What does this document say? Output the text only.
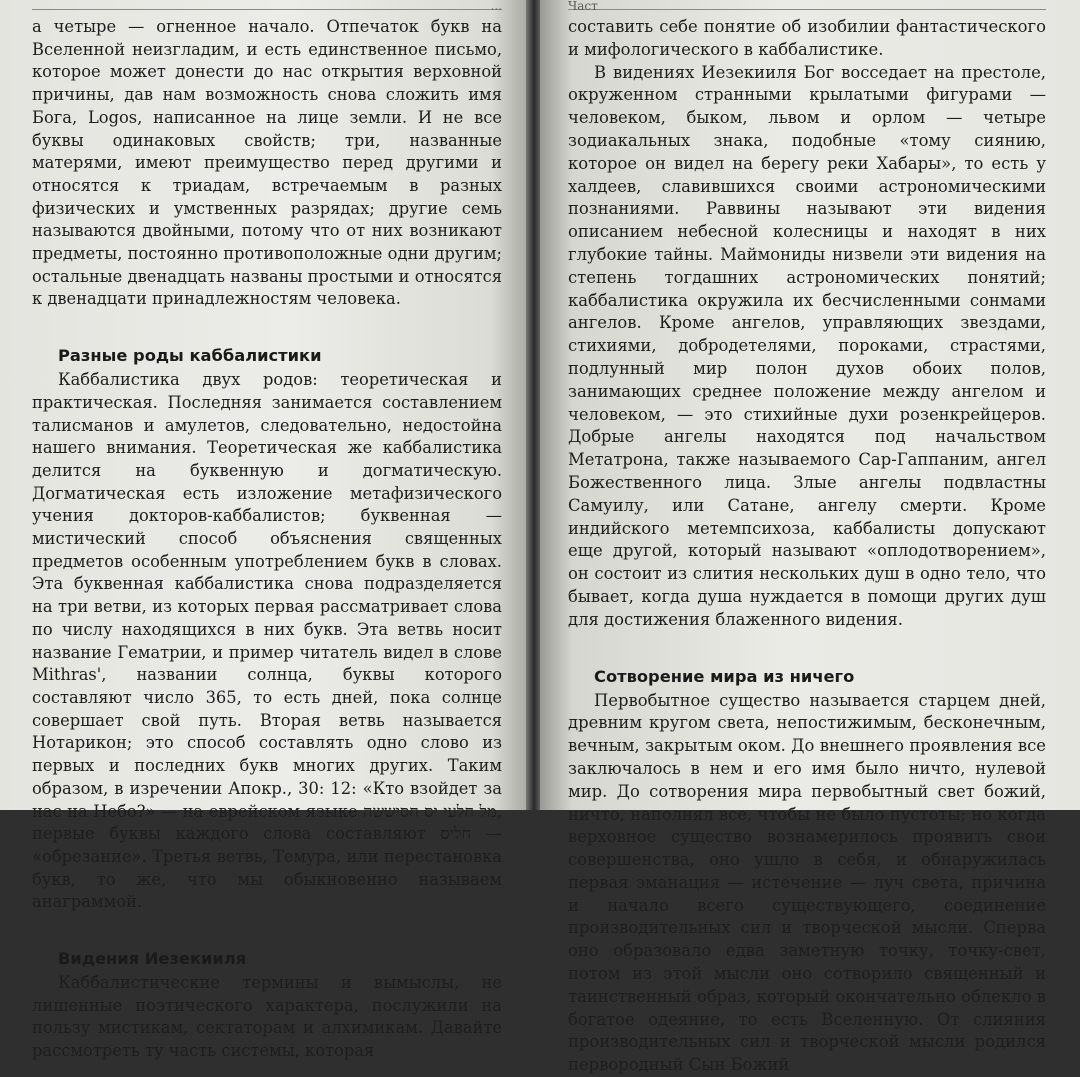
...

а четыре — огненное начало. Отпечаток букв на Вселенной неизгладим, и есть единственное письмо, которое может донести до нас открытия верховной причины, дав нам возможность снова сложить имя Бога, Logos, написанное на лице земли. И не все буквы одинаковых свойств; три, названные матерями, имеют преимущество перед другими и относятся к триадам, встречаемым в разных физических и умственных разрядах; другие семь называются двойными, потому что от них возникают предметы, постоянно противоположные одни другим; остальные двенадцать названы простыми и относятся к двенадцати принадлежностям человека.

Разные роды каббалистики

Каббалистика двух родов: теоретическая и практическая. Последняя занимается составлением талисманов и амулетов, следовательно, недостойна нашего внимания. Теоретическая же каббалистика делится на буквенную и догматическую. Догматическая есть изложение метафизического учения докторов-каббалистов; буквенная — мистический способ объяснения священных предметов особенным употреблением букв в словах. Эта буквенная каббалистика снова подразделяется на три ветви, из которых первая рассматривает слова по числу находящихся в них букв. Эта ветвь носит название Гематрии, и пример читатель видел в слове Mithras', названии солнца, буквы которого составляют число 365, то есть дней, пока солнце совершает свой путь. Вторая ветвь называется Нотарикон; это способ составлять одно слово из первых и последних букв многих других. Таким образом, в изречении Апокр., 30: 12: «Кто взойдет за нас на Небо?» — на еврейском языке מל חלעי יס חסיששה, первые буквы каждого слова составляют חליס — «обрезание». Третья ветвь, Темура, или перестановка букв, то же, что мы обыкновенно называем анаграммой.

Видения Иезекииля

Каббалистические термины и вымыслы, не лишенные поэтического характера, послужили на пользу мистикам, сектаторам и алхимикам. Давайте рассмотреть ту часть системы, которая

Част

составить себе понятие об изобилии фантастического и мифологического в каббалистике.

В видениях Иезекииля Бог восседает на престоле, окруженном странными крылатыми фигурами — человеком, быком, львом и орлом — четыре зодиакальных знака, подобные «тому сиянию, которое он видел на берегу реки Хабары», то есть у халдеев, славившихся своими астрономическими познаниями. Раввины называют эти видения описанием небесной колесницы и находят в них глубокие тайны. Маймониды низвели эти видения на степень тогдашних астрономических понятий; каббалистика окружила их бесчисленными сонмами ангелов. Кроме ангелов, управляющих звездами, стихиями, добродетелями, пороками, страстями, подлунный мир полон духов обоих полов, занимающих среднее положение между ангелом и человеком, — это стихийные духи розенкрейцеров. Добрые ангелы находятся под начальством Метатрона, также называемого Сар-Гаппаним, ангел Божественного лица. Злые ангелы подвластны Самуилу, или Сатане, ангелу смерти. Кроме индийского метемпсихоза, каббалисты допускают еще другой, который называют «оплодотворением», он состоит из слития нескольких душ в одно тело, что бывает, когда душа нуждается в помощи других душ для достижения блаженного видения.

Сотворение мира из ничего

Первобытное существо называется старцем дней, древним кругом света, непостижимым, бесконечным, вечным, закрытым оком. До внешнего проявления все заключалось в нем и его имя было ничто, нулевой мир. До сотворения мира первобытный свет божий, ничто, наполнял все, чтобы не было пустоты; но когда верховное существо вознамерилось проявить свои совершенства, оно ушло в себя, и обнаружилась первая эманация — истечение — луч света, причина и начало всего существующего, соединение производительных сил и творческой мысли. Сперва оно образовало едва заметную точку, точку-свет, потом из этой мысли оно сотворило священный и таинственный образ, который окончательно облекло в богатое одеяние, то есть Вселенную. От слияния производительных сил и творческой мысли родился первородный Сын Божий
